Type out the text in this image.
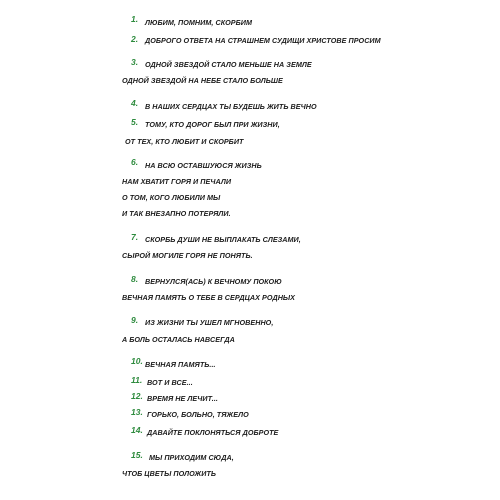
1.
2.
3.
4.
5.
6.
7.
8.
9.
10.
11.
12.
13.
14.
15.
ЛЮБИМ, ПОМНИМ, СКОРБИМ
ДОБРОГО ОТВЕТА НА СТРАШНЕМ СУДИЩИ ХРИСТОВЕ ПРОСИМ
ОДНОЙ ЗВЕЗДОЙ СТАЛО МЕНЬШЕ НА ЗЕМЛЕ
ОДНОЙ ЗВЕЗДОЙ НА НЕБЕ СТАЛО БОЛЬШЕ
В НАШИХ СЕРДЦАХ ТЫ БУДЕШЬ ЖИТЬ ВЕЧНО
ТОМУ, КТО ДОРОГ БЫЛ ПРИ ЖИЗНИ,
ОТ ТЕХ, КТО ЛЮБИТ И СКОРБИТ
НА ВСЮ ОСТАВШУЮСЯ ЖИЗНЬ
НАМ ХВАТИТ ГОРЯ И ПЕЧАЛИ
О ТОМ, КОГО ЛЮБИЛИ МЫ
И ТАК ВНЕЗАПНО ПОТЕРЯЛИ.
СКОРБЬ ДУШИ НЕ ВЫПЛАКАТЬ СЛЕЗАМИ,
СЫРОЙ МОГИЛЕ ГОРЯ НЕ ПОНЯТЬ.
ВЕРНУЛСЯ(АСЬ) К ВЕЧНОМУ ПОКОЮ
ВЕЧНАЯ ПАМЯТЬ О ТЕБЕ В СЕРДЦАХ РОДНЫХ
ИЗ ЖИЗНИ ТЫ УШЕЛ МГНОВЕННО,
А БОЛЬ ОСТАЛАСЬ НАВСЕГДА
ВЕЧНАЯ ПАМЯТЬ...
ВОТ И ВСЕ...
ВРЕМЯ НЕ ЛЕЧИТ...
ГОРЬКО, БОЛЬНО, ТЯЖЕЛО
ДАВАЙТЕ ПОКЛОНЯТЬСЯ ДОБРОТЕ
МЫ ПРИХОДИМ СЮДА,
ЧТОБ ЦВЕТЫ ПОЛОЖИТЬ
